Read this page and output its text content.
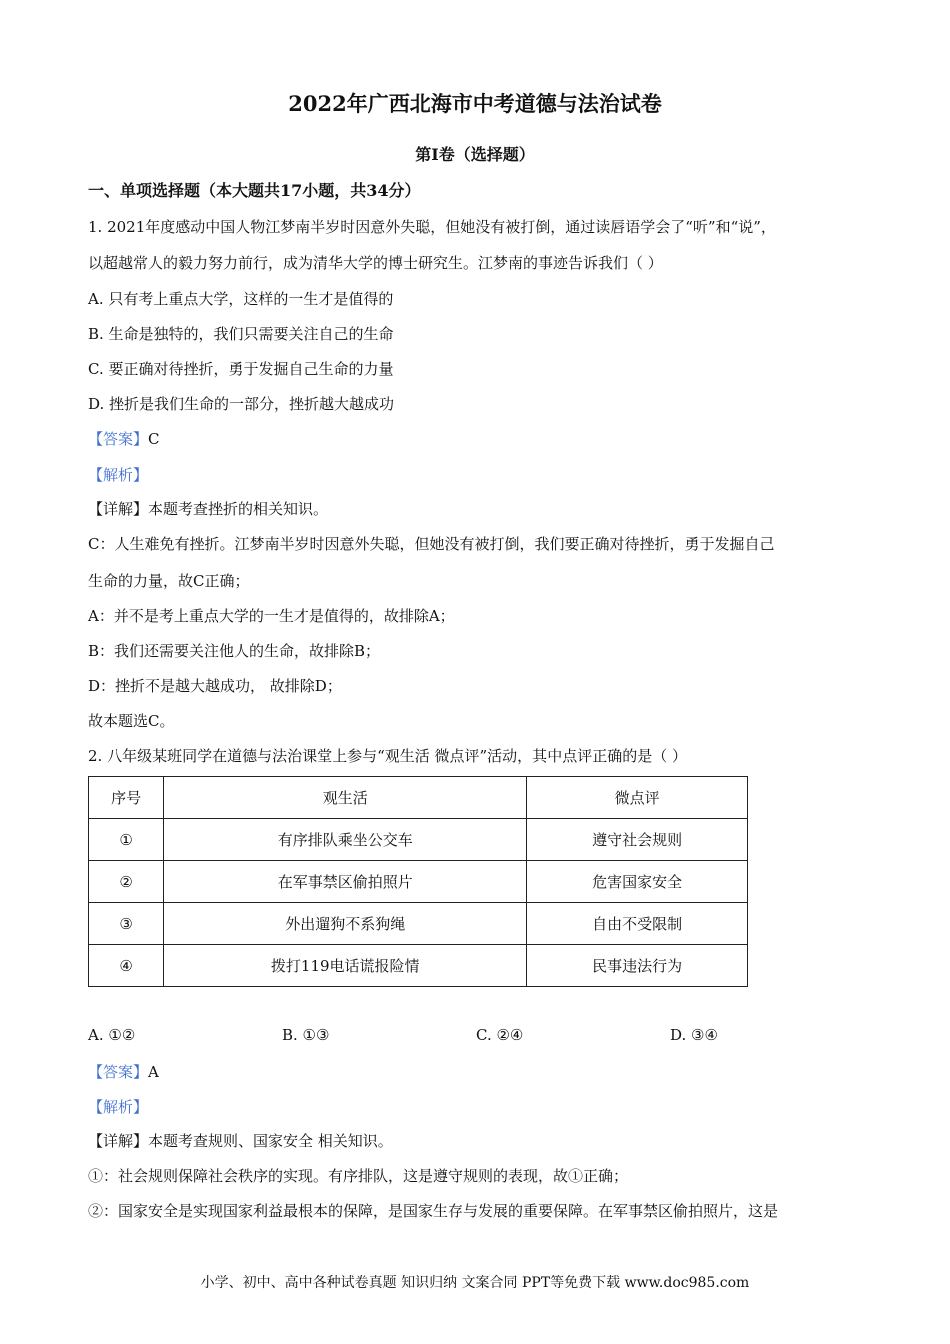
2022年广西北海市中考道德与法治试卷
第I卷（选择题）
一、单项选择题（本大题共17小题，共34分）
1. 2021年度感动中国人物江梦南半岁时因意外失聪，但她没有被打倒，通过读唇语学会了“听”和“说”，
以超越常人的毅力努力前行，成为清华大学的博士研究生。江梦南的事迹告诉我们（ ）
A. 只有考上重点大学，这样的一生才是值得的
B. 生命是独特的，我们只需要关注自己的生命
C. 要正确对待挫折，勇于发掘自己生命的力量
D. 挫折是我们生命的一部分，挫折越大越成功
【答案】C
【解析】
【详解】本题考查挫折的相关知识。
C：人生难免有挫折。江梦南半岁时因意外失聪，但她没有被打倒，我们要正确对待挫折，勇于发掘自己
生命的力量，故C正确；
A：并不是考上重点大学的一生才是值得的，故排除A；
B：我们还需要关注他人的生命，故排除B；
D：挫折不是越大越成功， 故排除D；
故本题选C。
2. 八年级某班同学在道德与法治课堂上参与“观生活 微点评”活动，其中点评正确的是（ ）
序号	观生活	微点评
①	有序排队乘坐公交车	遵守社会规则
②	在军事禁区偷拍照片	危害国家安全
③	外出遛狗不系狗绳	自由不受限制
④	拨打119电话谎报险情	民事违法行为
A. ①②	B. ①③	C. ②④	D. ③④
【答案】A
【解析】
【详解】本题考查规则、国家安全 相关知识。
①：社会规则保障社会秩序的实现。有序排队，这是遵守规则的表现，故①正确；
②：国家安全是实现国家利益最根本的保障，是国家生存与发展的重要保障。在军事禁区偷拍照片，这是
小学、初中、高中各种试卷真题 知识归纳 文案合同 PPT等免费下载 www.doc985.com
